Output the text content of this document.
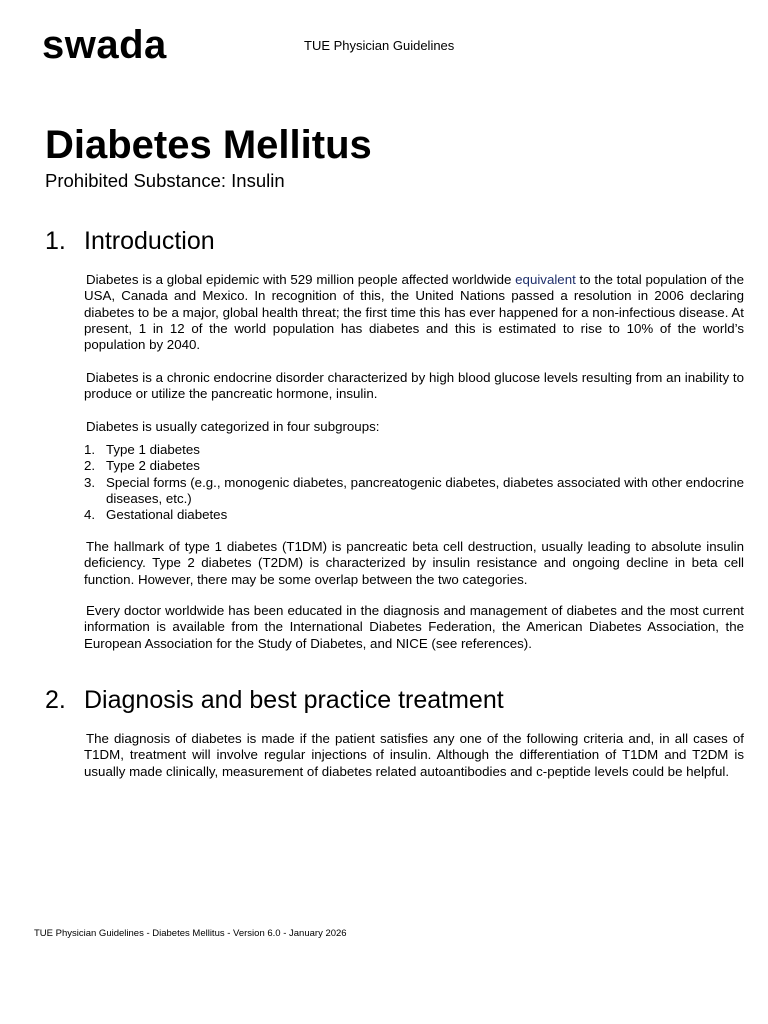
swada	TUE Physician Guidelines
Diabetes Mellitus
Prohibited Substance: Insulin
1. Introduction

Diabetes is a global epidemic with 529 million people affected worldwide equivalent to the total population of the USA, Canada and Mexico. In recognition of this, the United Nations passed a resolution in 2006 declaring diabetes to be a major, global health threat; the first time this has ever happened for a non-infectious disease. At present, 1 in 12 of the world population has diabetes and this is estimated to rise to 10% of the world’s population by 2040.

Diabetes is a chronic endocrine disorder characterized by high blood glucose levels resulting from an inability to produce or utilize the pancreatic hormone, insulin.

Diabetes is usually categorized in four subgroups:

1. Type 1 diabetes
2. Type 2 diabetes
3. Special forms (e.g., monogenic diabetes, pancreatogenic diabetes, diabetes associated with other endocrine diseases, etc.)
4. Gestational diabetes

The hallmark of type 1 diabetes (T1DM) is pancreatic beta cell destruction, usually leading to absolute insulin deficiency. Type 2 diabetes (T2DM) is characterized by insulin resistance and ongoing decline in beta cell function. However, there may be some overlap between the two categories.

Every doctor worldwide has been educated in the diagnosis and management of diabetes and the most current information is available from the International Diabetes Federation, the American Diabetes Association, the European Association for the Study of Diabetes, and NICE (see references).

2. Diagnosis and best practice treatment

The diagnosis of diabetes is made if the patient satisfies any one of the following criteria and, in all cases of T1DM, treatment will involve regular injections of insulin. Although the differentiation of T1DM and T2DM is usually made clinically, measurement of diabetes related autoantibodies and c-peptide levels could be helpful.

TUE Physician Guidelines - Diabetes Mellitus - Version 6.0 - January 2026
